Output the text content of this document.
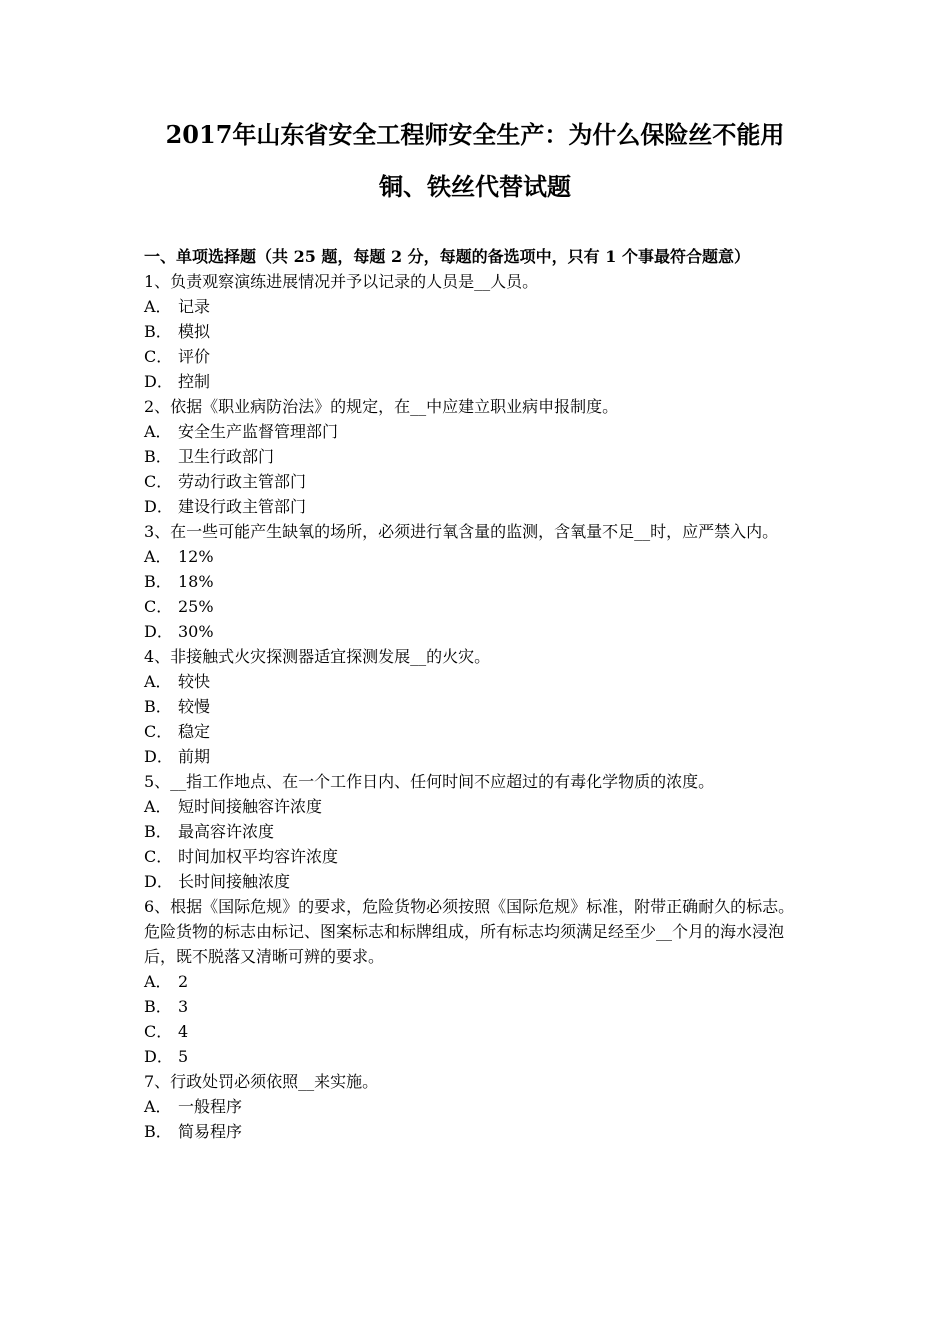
2017年山东省安全工程师安全生产：为什么保险丝不能用
铜、铁丝代替试题
一、单项选择题（共 25 题，每题 2 分，每题的备选项中，只有 1 个事最符合题意）
1、负责观察演练进展情况并予以记录的人员是__人员。
A． 记录
B． 模拟
C． 评价
D． 控制
2、依据《职业病防治法》的规定，在__中应建立职业病申报制度。
A． 安全生产监督管理部门
B． 卫生行政部门
C． 劳动行政主管部门
D． 建设行政主管部门
3、在一些可能产生缺氧的场所，必须进行氧含量的监测，含氧量不足__时，应严禁入内。
A． 12%
B． 18%
C． 25%
D． 30%
4、非接触式火灾探测器适宜探测发展__的火灾。
A． 较快
B． 较慢
C． 稳定
D． 前期
5、__指工作地点、在一个工作日内、任何时间不应超过的有毒化学物质的浓度。
A． 短时间接触容许浓度
B． 最高容许浓度
C． 时间加权平均容许浓度
D． 长时间接触浓度
6、根据《国际危规》的要求，危险货物必须按照《国际危规》标准，附带正确耐久的标志。危险货物的标志由标记、图案标志和标牌组成，所有标志均须满足经至少__个月的海水浸泡后，既不脱落又清晰可辨的要求。
A． 2
B． 3
C． 4
D． 5
7、行政处罚必须依照__来实施。
A． 一般程序
B． 简易程序
